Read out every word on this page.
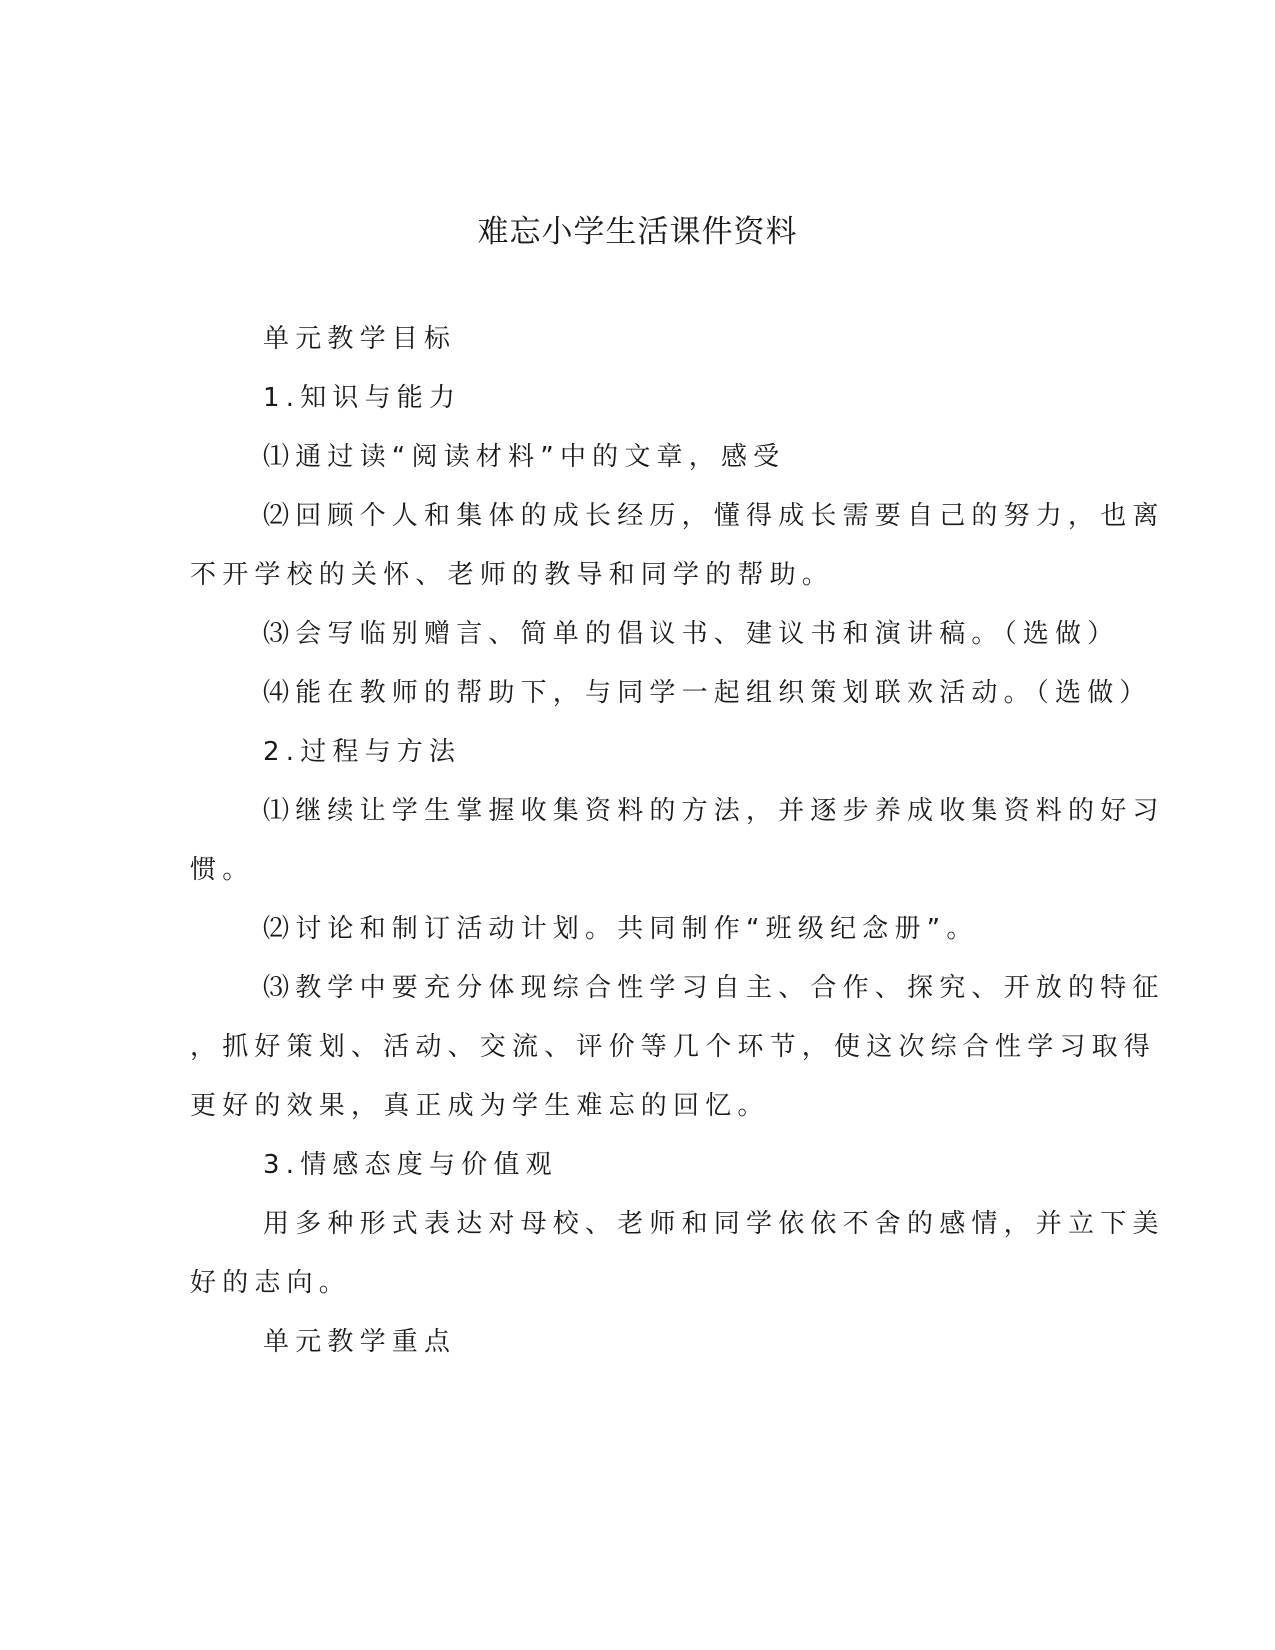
难忘小学生活课件资料
单元教学目标
1.知识与能力
⑴通过读“阅读材料”中的文章，感受
⑵回顾个人和集体的成长经历，懂得成长需要自己的努力，也离
不开学校的关怀、老师的教导和同学的帮助。
⑶会写临别赠言、简单的倡议书、建议书和演讲稿。（选做）
⑷能在教师的帮助下，与同学一起组织策划联欢活动。（选做）
2.过程与方法
⑴继续让学生掌握收集资料的方法，并逐步养成收集资料的好习
惯。
⑵讨论和制订活动计划。共同制作“班级纪念册”。
⑶教学中要充分体现综合性学习自主、合作、探究、开放的特征
，抓好策划、活动、交流、评价等几个环节，使这次综合性学习取得
更好的效果，真正成为学生难忘的回忆。
3.情感态度与价值观
用多种形式表达对母校、老师和同学依依不舍的感情，并立下美
好的志向。
单元教学重点
